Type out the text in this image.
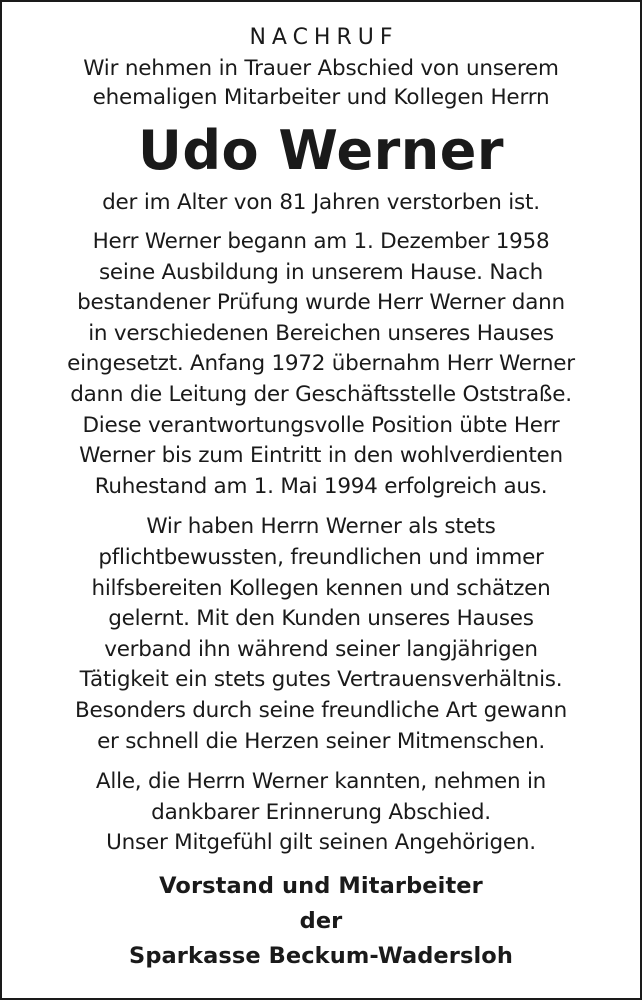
NACHRUF

Wir nehmen in Trauer Abschied von unserem

ehemaligen Mitarbeiter und Kollegen Herrn

Udo Werner

der im Alter von 81 Jahren verstorben ist.

Herr Werner begann am 1. Dezember 1958
seine Ausbildung in unserem Hause. Nach
bestandener Prüfung wurde Herr Werner dann
in verschiedenen Bereichen unseres Hauses
eingesetzt. Anfang 1972 übernahm Herr Werner
dann die Leitung der Geschäftsstelle Oststraße.
Diese verantwortungsvolle Position übte Herr
Werner bis zum Eintritt in den wohlverdienten
Ruhestand am 1. Mai 1994 erfolgreich aus.
Wir haben Herrn Werner als stets
pflichtbewussten, freundlichen und immer
hilfsbereiten Kollegen kennen und schätzen
gelernt. Mit den Kunden unseres Hauses
verband ihn während seiner langjährigen
Tätigkeit ein stets gutes Vertrauensverhältnis.
Besonders durch seine freundliche Art gewann
er schnell die Herzen seiner Mitmenschen.
Alle, die Herrn Werner kannten, nehmen in
dankbarer Erinnerung Abschied.
Unser Mitgefühl gilt seinen Angehörigen.
Vorstand und Mitarbeiter
der
Sparkasse Beckum-Wadersloh
